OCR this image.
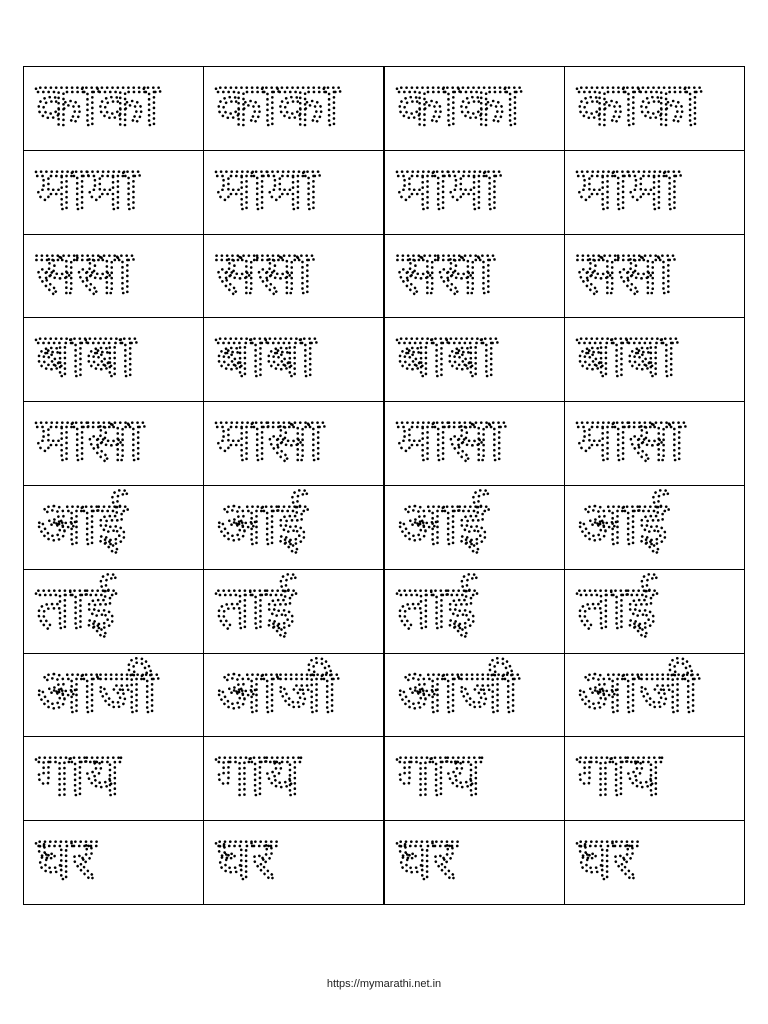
काका	काका	काका	काका

मामा	मामा	मामा	मामा

ससा	ससा	ससा	ससा

बाबा	बाबा	बाबा	बाबा

मासा	मासा	मासा	मासा

आई	आई	आई	आई

ताई	ताई	ताई	ताई

आजी	आजी	आजी	आजी

गाय	गाय	गाय	गाय

घर	घर	घर	घर
https://mymarathi.net.in
